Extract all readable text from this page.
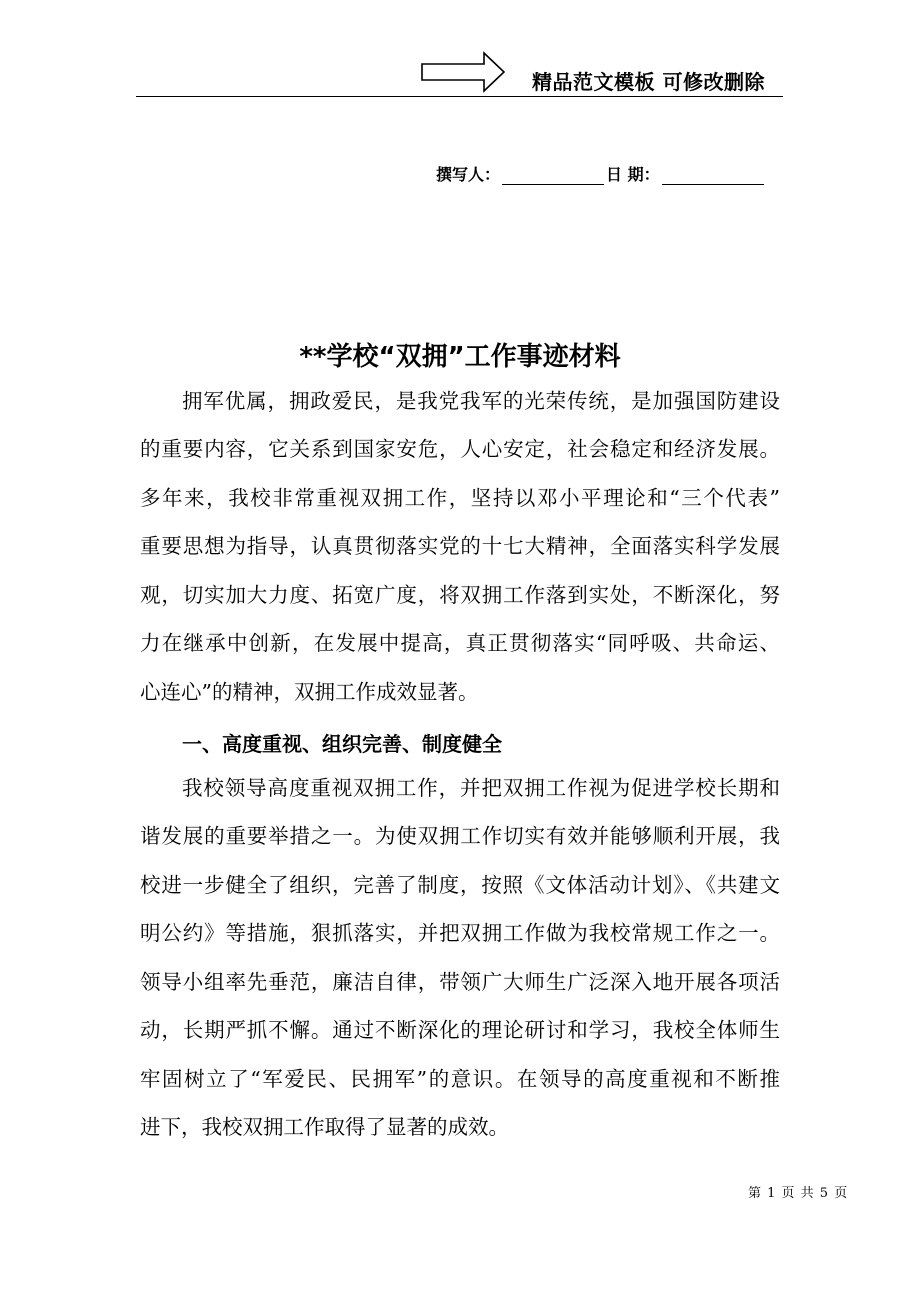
精品范文模板 可修改删除
撰写人：	日 期：
**学校“双拥”工作事迹材料
拥军优属，拥政爱民，是我党我军的光荣传统，是加强国防建设
的重要内容，它关系到国家安危，人心安定，社会稳定和经济发展。
多年来，我校非常重视双拥工作，坚持以邓小平理论和“三个代表”
重要思想为指导，认真贯彻落实党的十七大精神，全面落实科学发展
观，切实加大力度、拓宽广度，将双拥工作落到实处，不断深化，努
力在继承中创新，在发展中提高，真正贯彻落实“同呼吸、共命运、
心连心”的精神，双拥工作成效显著。
一、高度重视、组织完善、制度健全
我校领导高度重视双拥工作，并把双拥工作视为促进学校长期和
谐发展的重要举措之一。为使双拥工作切实有效并能够顺利开展，我
校进一步健全了组织，完善了制度，按照《文体活动计划》、《共建文
明公约》等措施，狠抓落实，并把双拥工作做为我校常规工作之一。
领导小组率先垂范，廉洁自律，带领广大师生广泛深入地开展各项活
动，长期严抓不懈。通过不断深化的理论研讨和学习，我校全体师生
牢固树立了“军爱民、民拥军”的意识。在领导的高度重视和不断推
进下，我校双拥工作取得了显著的成效。
第 1 页 共 5 页
